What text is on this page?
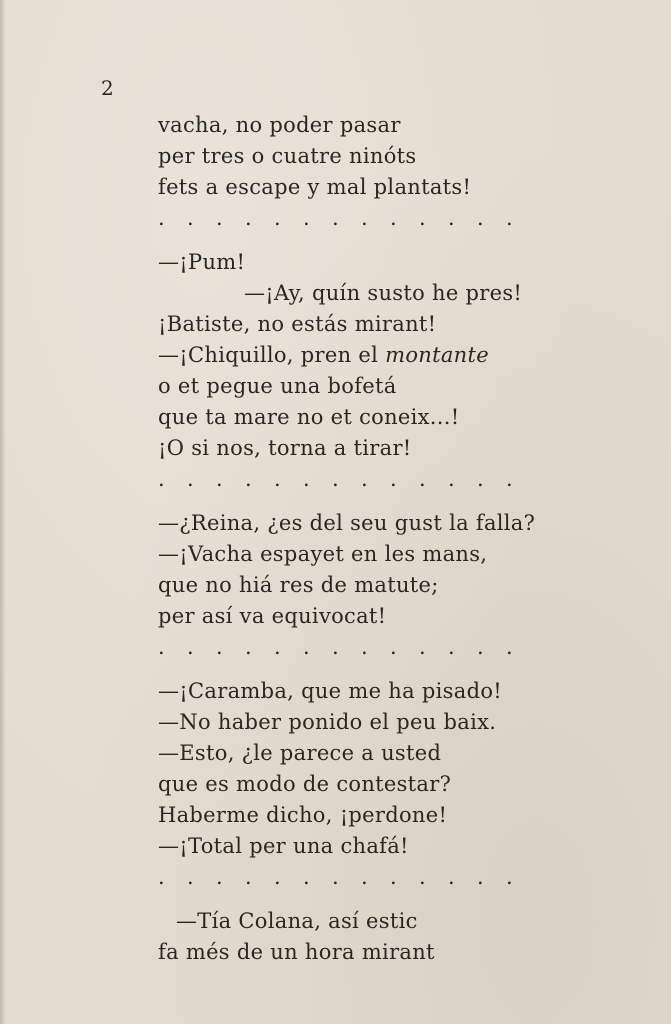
2
vacha, no poder pasar
per tres o cuatre ninóts
fets a escape y mal plantats!
. . . . . . . . . . . . .
—¡Pum!
—¡Ay, quín susto he pres!
¡Batiste, no estás mirant!
—¡Chiquillo, pren el montante
o et pegue una bofetá
que ta mare no et coneix...!
¡O si nos, torna a tirar!
. . . . . . . . . . . . .
—¿Reina, ¿es del seu gust la falla?
—¡Vacha espayet en les mans,
que no hiá res de matute;
per así va equivocat!
. . . . . . . . . . . . .
—¡Caramba, que me ha pisado!
—No haber ponido el peu baix.
—Esto, ¿le parece a usted
que es modo de contestar?
Haberme dicho, ¡perdone!
—¡Total per una chafá!
. . . . . . . . . . . . .
—Tía Colana, así estic
fa més de un hora mirant
